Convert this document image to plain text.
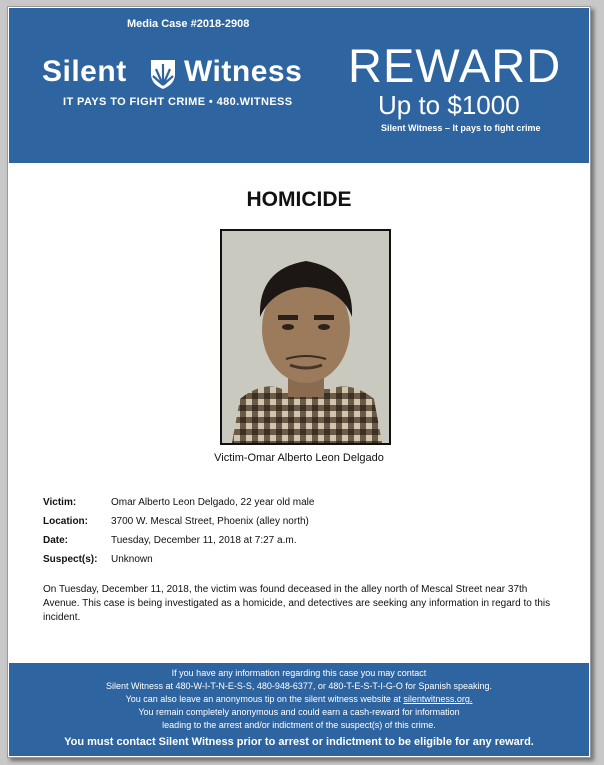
Media Case #2018-2908
Silent Witness
IT PAYS TO FIGHT CRIME • 480.WITNESS
REWARD
Up to $1000
Silent Witness – It pays to fight crime
HOMICIDE
Victim-Omar Alberto Leon Delgado
Victim:	Omar Alberto Leon Delgado, 22 year old male
Location: 3700 W. Mescal Street, Phoenix (alley north)
Date:	Tuesday, December 11, 2018 at 7:27 a.m.
Suspect(s): Unknown
On Tuesday, December 11, 2018, the victim was found deceased in the alley north of Mescal Street near 37th Avenue. This case is being investigated as a homicide, and detectives are seeking any information in regard to this incident.
If you have any information regarding this case you may contact
Silent Witness at 480-W-I-T-N-E-S-S, 480-948-6377, or 480-T-E-S-T-I-G-O for Spanish speaking.
You can also leave an anonymous tip on the silent witness website at silentwitness.org.
You remain completely anonymous and could earn a cash-reward for information
leading to the arrest and/or indictment of the suspect(s) of this crime.
You must contact Silent Witness prior to arrest or indictment to be eligible for any reward.
